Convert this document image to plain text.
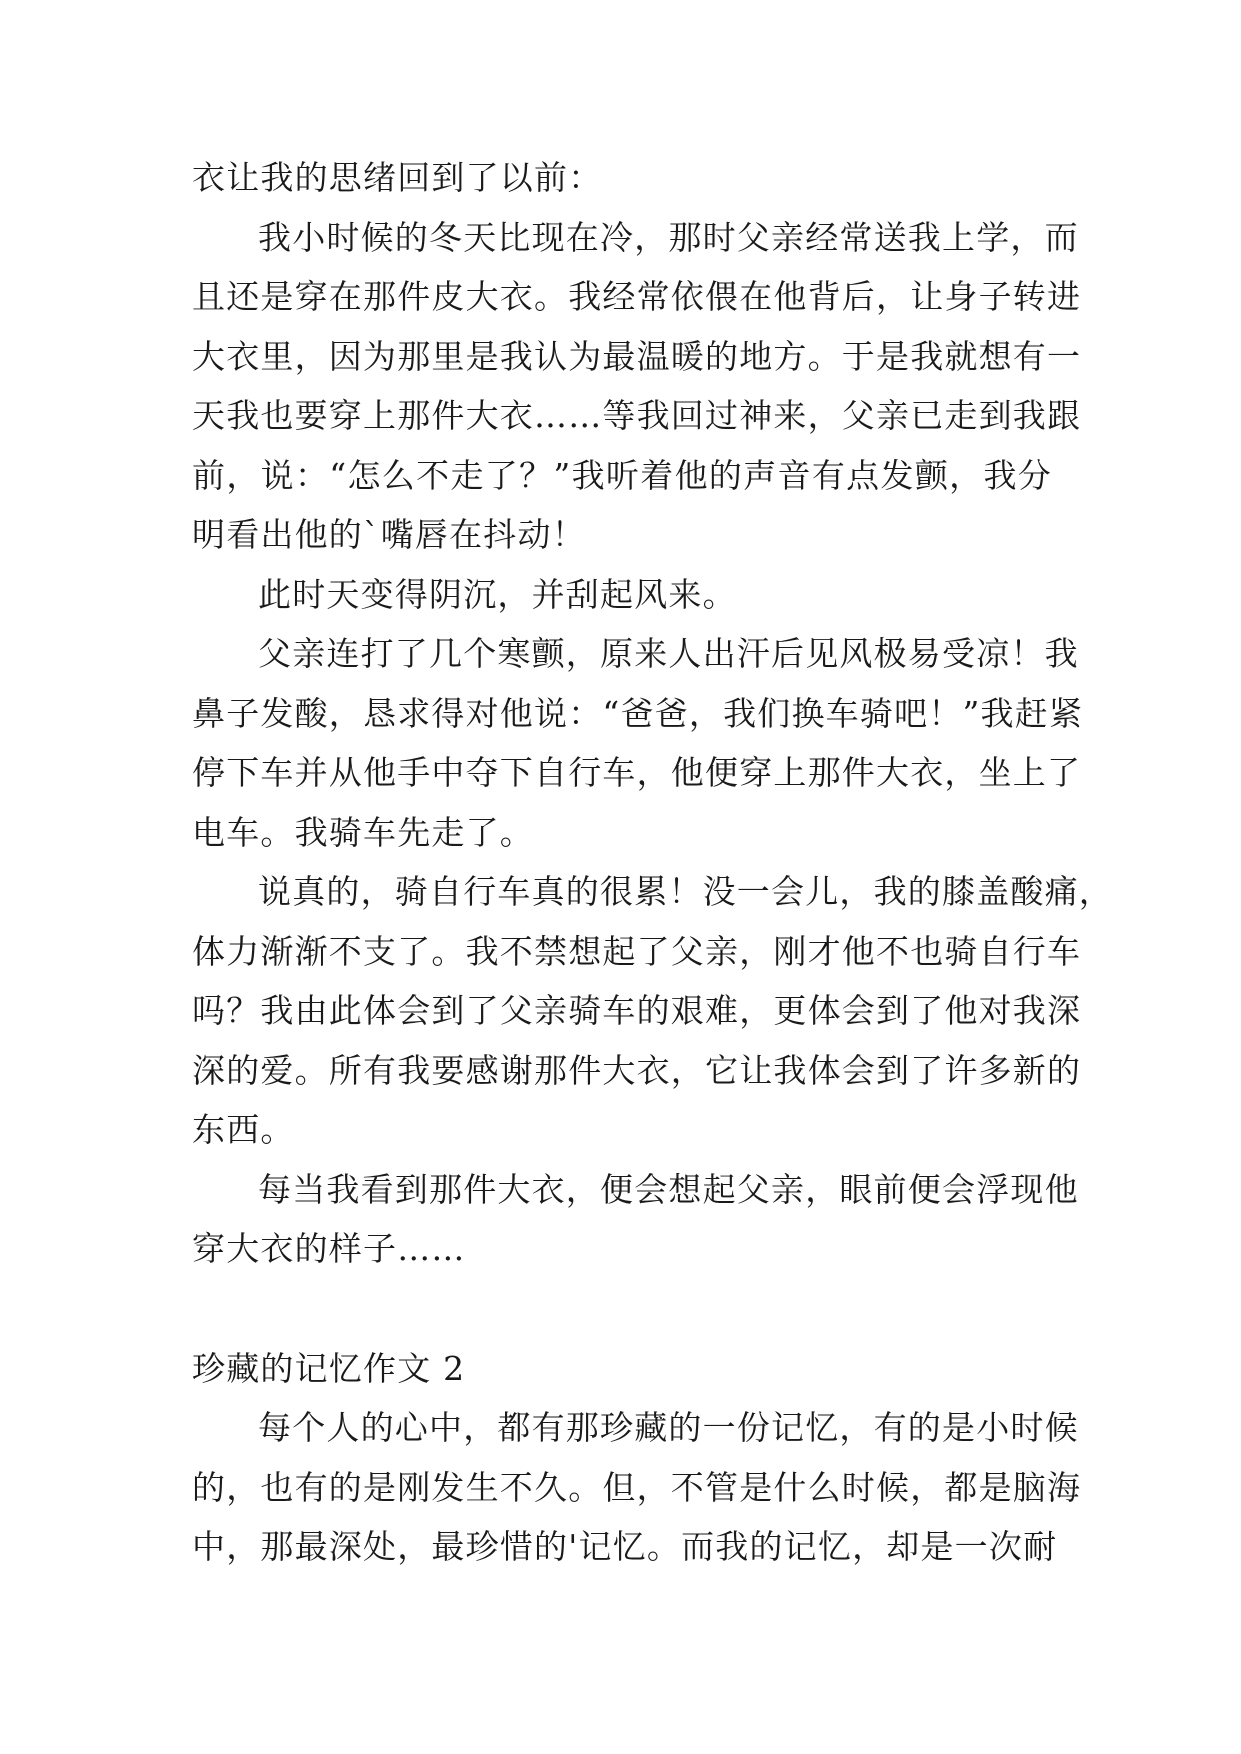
衣让我的思绪回到了以前：
我小时候的冬天比现在冷，那时父亲经常送我上学，而
且还是穿在那件皮大衣。我经常依偎在他背后，让身子转进
大衣里，因为那里是我认为最温暖的地方。于是我就想有一
天我也要穿上那件大衣……等我回过神来，父亲已走到我跟
前，说：“怎么不走了？”我听着他的声音有点发颤，我分
明看出他的`嘴唇在抖动！
此时天变得阴沉，并刮起风来。
父亲连打了几个寒颤，原来人出汗后见风极易受凉！我
鼻子发酸，恳求得对他说：“爸爸，我们换车骑吧！”我赶紧
停下车并从他手中夺下自行车，他便穿上那件大衣，坐上了
电车。我骑车先走了。
说真的，骑自行车真的很累！没一会儿，我的膝盖酸痛，
体力渐渐不支了。我不禁想起了父亲，刚才他不也骑自行车
吗？我由此体会到了父亲骑车的艰难，更体会到了他对我深
深的爱。所有我要感谢那件大衣，它让我体会到了许多新的
东西。
每当我看到那件大衣，便会想起父亲，眼前便会浮现他
穿大衣的样子……
珍藏的记忆作文 2
每个人的心中，都有那珍藏的一份记忆，有的是小时候
的，也有的是刚发生不久。但，不管是什么时候，都是脑海
中，那最深处，最珍惜的'记忆。而我的记忆，却是一次耐
